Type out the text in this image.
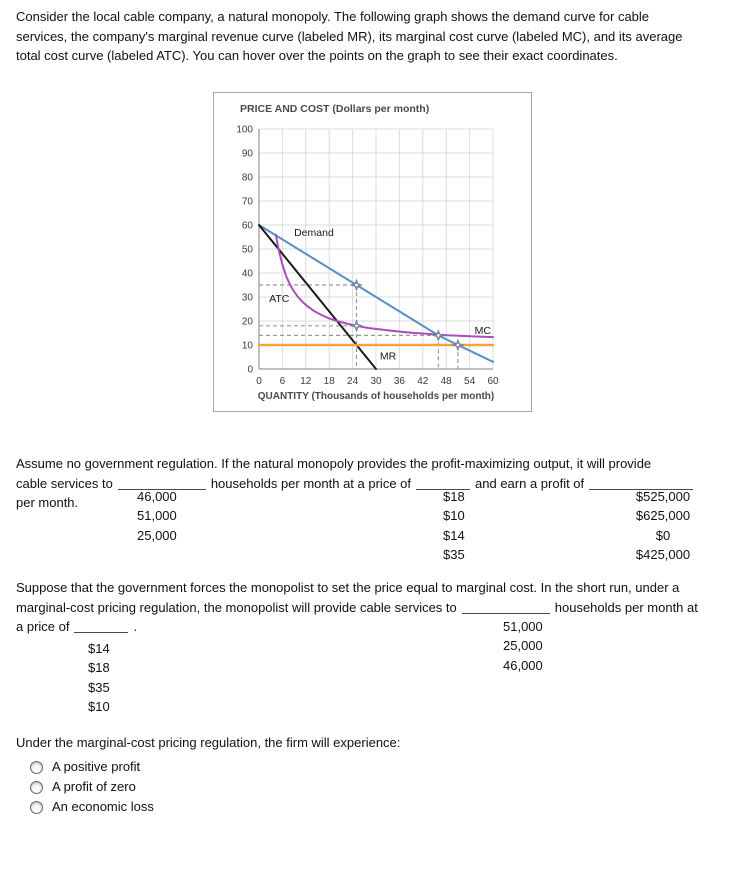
Consider the local cable company, a natural monopoly. The following graph shows the demand curve for cable
services, the company's marginal revenue curve (labeled MR), its marginal cost curve (labeled MC), and its average
total cost curve (labeled ATC). You can hover over the points on the graph to see their exact coordinates.
0
10
20
30
40
50
60
70
80
90
100
0 6 12 18 24 30 36 42 48 54 60
Demand
MR
MC
ATC
PRICE AND COST (Dollars per month)
QUANTITY (Thousands of households per month)
Assume no government regulation. If the natural monopoly provides the profit-maximizing output, it will provide
cable services to	households per month at a price of	and earn a profit of
per month.	46,000
51,000
25,000
$18
$10
$14
$35
$525,000
$625,000
$0
$425,000
Suppose that the government forces the monopolist to set the price equal to marginal cost. In the short run, under a
marginal-cost pricing regulation, the monopolist will provide cable services to	households per month at
a price of	.	51,000
25,000
46,000
$14
$18
$35
$10
Under the marginal-cost pricing regulation, the firm will experience:
A positive profit
A profit of zero
An economic loss
